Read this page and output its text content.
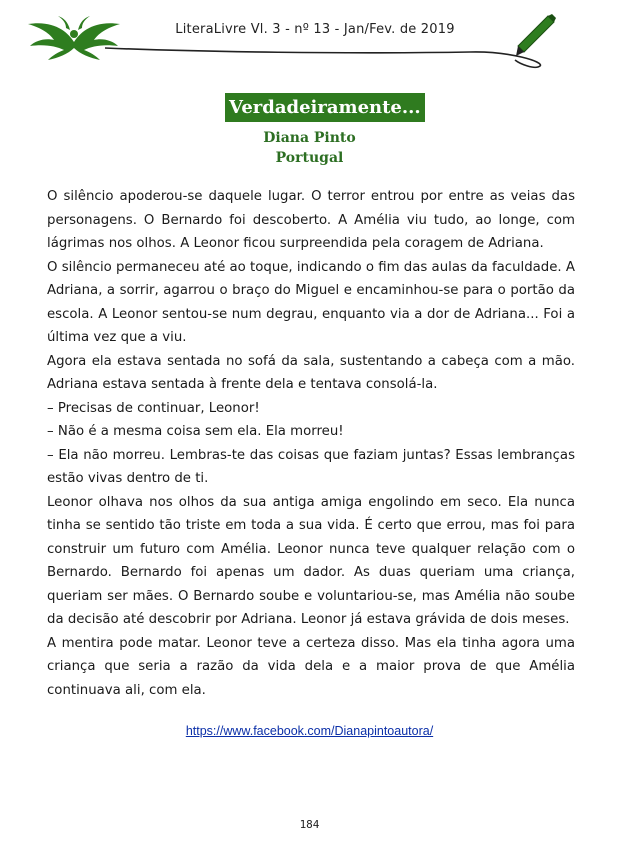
LiteraLivre Vl. 3 - nº 13 - Jan/Fev. de 2019
Verdadeiramente...
Diana Pinto
Portugal

O silêncio apoderou-se daquele lugar. O terror entrou por entre as veias das personagens. O Bernardo foi descoberto. A Amélia viu tudo, ao longe, com lágrimas nos olhos. A Leonor ficou surpreendida pela coragem de Adriana.

O silêncio permaneceu até ao toque, indicando o fim das aulas da faculdade. A Adriana, a sorrir, agarrou o braço do Miguel e encaminhou-se para o portão da escola. A Leonor sentou-se num degrau, enquanto via a dor de Adriana... Foi a última vez que a viu.

Agora ela estava sentada no sofá da sala, sustentando a cabeça com a mão. Adriana estava sentada à frente dela e tentava consolá-la.

– Precisas de continuar, Leonor!

– Não é a mesma coisa sem ela. Ela morreu!

– Ela não morreu. Lembras-te das coisas que faziam juntas? Essas lembranças estão vivas dentro de ti.

Leonor olhava nos olhos da sua antiga amiga engolindo em seco. Ela nunca tinha se sentido tão triste em toda a sua vida. É certo que errou, mas foi para construir um futuro com Amélia. Leonor nunca teve qualquer relação com o Bernardo. Bernardo foi apenas um dador. As duas queriam uma criança, queriam ser mães. O Bernardo soube e voluntariou-se, mas Amélia não soube da decisão até descobrir por Adriana. Leonor já estava grávida de dois meses.

A mentira pode matar. Leonor teve a certeza disso. Mas ela tinha agora uma criança que seria a razão da vida dela e a maior prova de que Amélia continuava ali, com ela.

https://www.facebook.com/Dianapintoautora/
184
